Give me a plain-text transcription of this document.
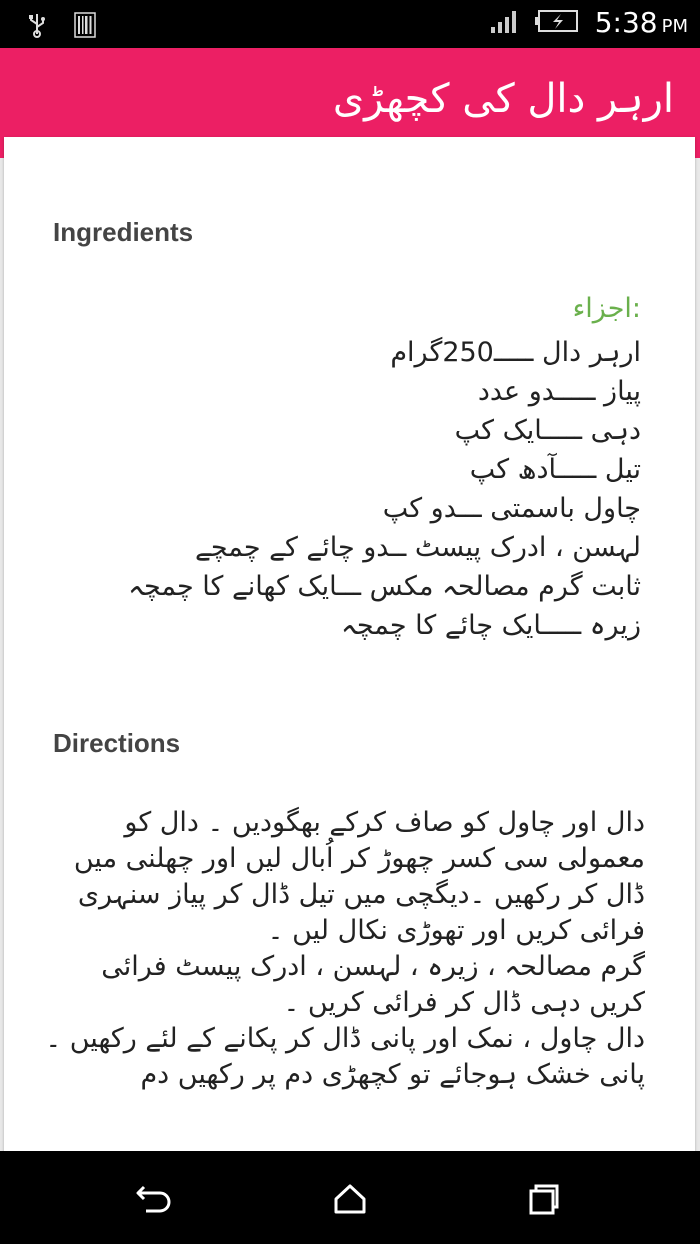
5:38 PM
ارہر دال کی کچھڑی
Ingredients
:اجزاء
ارہر دال ـــــ250گرام
پیاز ـــــدو عدد
دہی ـــــایک کپ
تیل ـــــآدھ کپ
چاول باسمتی ـــدو کپ
لہسن ، ادرک پیسٹ ــدو چائے کے چمچے
ثابت گرم مصالحہ مکس ـــایک کھانے کا چمچہ
زیرہ ـــــایک چائے کا چمچہ
Directions
دال اور چاول کو صاف کرکے بھگودیں ۔ دال کو معمولی سی کسر چھوڑ کر اُبال لیں اور چھلنی میں ڈال کر رکھیں ۔دیگچی میں تیل ڈال کر پیاز سنہری فرائی کریں اور تھوڑی نکال لیں ۔
گرم مصالحہ ، زیرہ ، لہسن ، ادرک پیسٹ فرائی کریں دہی ڈال کر فرائی کریں ۔
دال چاول ، نمک اور پانی ڈال کر پکانے کے لئے رکھیں ۔
پانی خشک ہوجائے تو کچھڑی دم پر رکھیں دم
